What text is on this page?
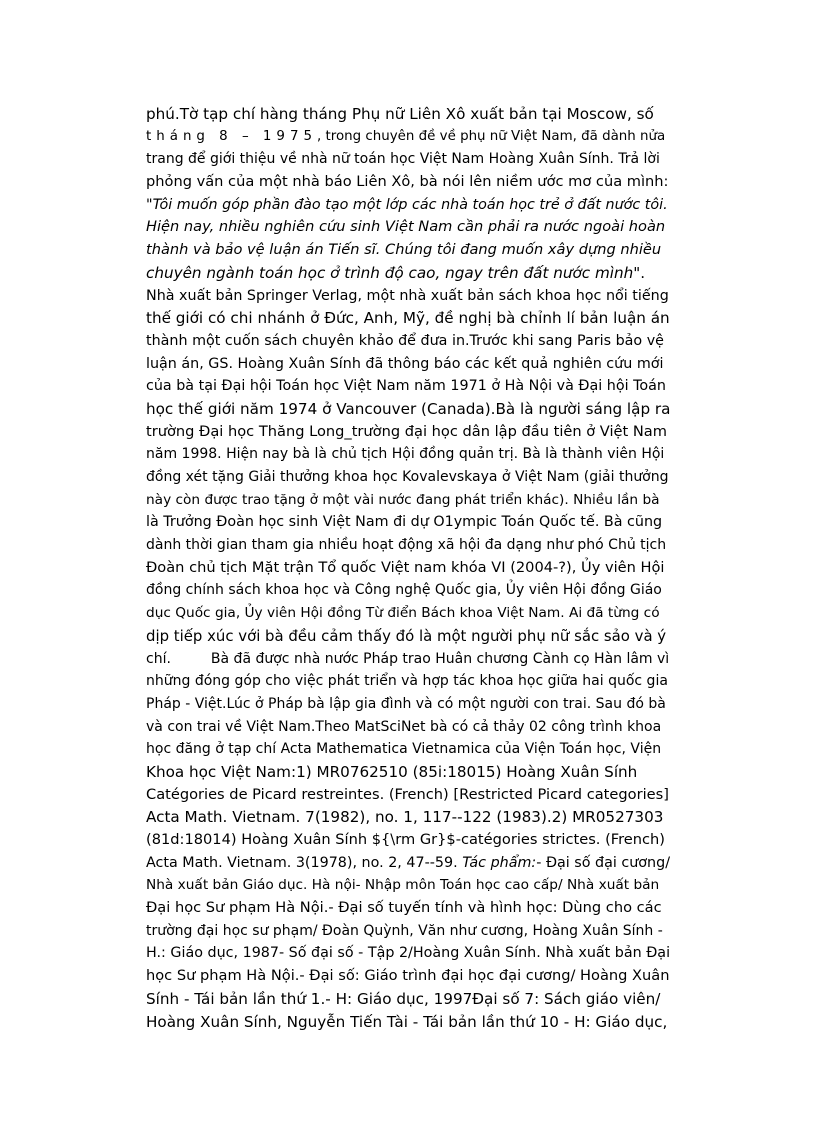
phú.Tờ tạp chí hàng tháng Phụ nữ Liên Xô xuất bản tại Moscow, số
tháng 8 – 1975, trong chuyên đề về phụ nữ Việt Nam, đã dành nửa
trang để giới thiệu về nhà nữ toán học Việt Nam Hoàng Xuân Sính. Trả lời
phỏng vấn của một nhà báo Liên Xô, bà nói lên niềm ước mơ của mình:
"Tôi muốn góp phần đào tạo một lớp các nhà toán học trẻ ở đất nước tôi.
Hiện nay, nhiều nghiên cứu sinh Việt Nam cần phải ra nước ngoài hoàn
thành và bảo vệ luận án Tiến sĩ. Chúng tôi đang muốn xây dựng nhiều
chuyên ngành toán học ở trình độ cao, ngay trên đất nước mình".
Nhà xuất bản Springer Verlag, một nhà xuất bản sách khoa học nổi tiếng
thế giới có chi nhánh ở Đức, Anh, Mỹ, đề nghị bà chỉnh lí bản luận án
thành một cuốn sách chuyên khảo để đưa in.Trước khi sang Paris bảo vệ
luận án, GS. Hoàng Xuân Sính đã thông báo các kết quả nghiên cứu mới
của bà tại Đại hội Toán học Việt Nam năm 1971 ở Hà Nội và Đại hội Toán
học thế giới năm 1974 ở Vancouver (Canada).Bà là người sáng lập ra
trường Đại học Thăng Long_trường đại học dân lập đầu tiên ở Việt Nam
năm 1998. Hiện nay bà là chủ tịch Hội đồng quản trị. Bà là thành viên Hội
đồng xét tặng Giải thưởng khoa học Kovalevskaya ở Việt Nam (giải thưởng
này còn được trao tặng ở một vài nước đang phát triển khác). Nhiều lần bà
là Trưởng Đoàn học sinh Việt Nam đi dự O1ympic Toán Quốc tế. Bà cũng
dành thời gian tham gia nhiều hoạt động xã hội đa dạng như phó Chủ tịch
Đoàn chủ tịch Mặt trận Tổ quốc Việt nam khóa VI (2004-?), Ủy viên Hội
đồng chính sách khoa học và Công nghệ Quốc gia, Ủy viên Hội đồng Giáo
dục Quốc gia, Ủy viên Hội đồng Từ điển Bách khoa Việt Nam. Ai đã từng có
dịp tiếp xúc với bà đều cảm thấy đó là một người phụ nữ sắc sảo và ý
chí.	Bà đã được nhà nước Pháp trao Huân chương Cành cọ Hàn lâm vì
những đóng góp cho việc phát triển và hợp tác khoa học giữa hai quốc gia
Pháp - Việt.Lúc ở Pháp bà lập gia đình và có một người con trai. Sau đó bà
và con trai về Việt Nam.Theo MatSciNet bà có cả thảy 02 công trình khoa
học đăng ở tạp chí Acta Mathematica Vietnamica của Viện Toán học, Viện
Khoa học Việt Nam:1) MR0762510 (85i:18015) Hoàng Xuân Sính
Catégories de Picard restreintes. (French) [Restricted Picard categories]
Acta Math. Vietnam. 7(1982), no. 1, 117--122 (1983).2) MR0527303
(81d:18014) Hoàng Xuân Sính ${\rm Gr}$-catégories strictes. (French)
Acta Math. Vietnam. 3(1978), no. 2, 47--59. Tác phẩm:- Đại số đại cương/
Nhà xuất bản Giáo dục. Hà nội- Nhập môn Toán học cao cấp/ Nhà xuất bản
Đại học Sư phạm Hà Nội.- Đại số tuyến tính và hình học: Dùng cho các
trường đại học sư phạm/ Đoàn Quỳnh, Văn như cương, Hoàng Xuân Sính -
H.: Giáo dục, 1987- Số đại số - Tập 2/Hoàng Xuân Sính. Nhà xuất bản Đại
học Sư phạm Hà Nội.- Đại số: Giáo trình đại học đại cương/ Hoàng Xuân
Sính - Tái bản lần thứ 1.- H: Giáo dục, 1997Đại số 7: Sách giáo viên/
Hoàng Xuân Sính, Nguyễn Tiến Tài - Tái bản lần thứ 10 - H: Giáo dục,
